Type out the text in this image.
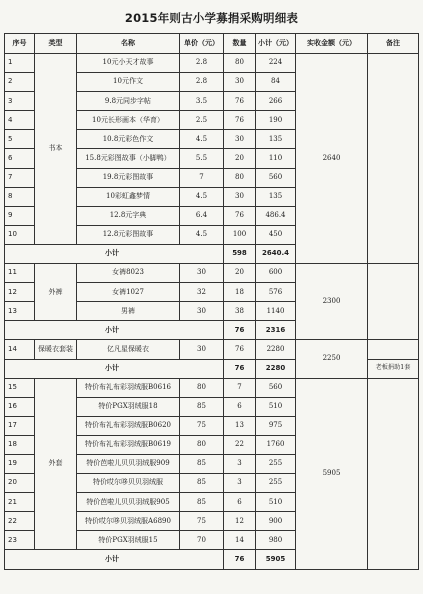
2015年则古小学募捐采购明细表
序号	类型	名称	单价（元）	数量	小计（元）	实收金额（元）	备注
1	书本	10元小天才故事	2.8	80	224	2640	
2		10元作文	2.8	30	84		
3		9.8元同步字帖	3.5	76	266		
4		10元长形画本（华育）	2.5	76	190		
5		10.8元彩色作文	4.5	30	135		
6		15.8元彩图故事（小脚鸭）	5.5	20	110		
7		19.8元彩图故事	7	80	560		
8		10彩虹鑫梦情	4.5	30	135		
9		12.8元字典	6.4	76	486.4		
10		12.8元彩图故事	4.5	100	450		
小计				598	2640.4		
11	外裤	女裤8023	30	20	600	2300	
12		女裤1027	32	18	576		
13		男裤	30	38	1140		
小计				76	2316		
14	保暖衣套装	亿凡星保暖衣	30	76	2280	2250	
小计				76	2280		老板捐助1套
15	外套	特价布礼布彩羽绒服B0616	80	7	560	5905	
16		特价PGX羽绒服18	85	6	510		
17		特价布礼布彩羽绒服B0620	75	13	975		
18		特价布礼布彩羽绒服B0619	80	22	1760		
19		特价芭啦儿贝贝羽绒服909	85	3	255		
20		特价哎尔哆贝贝羽绒服	85	3	255		
21		特价芭啦儿贝贝羽绒服905	85	6	510		
22		特价哎尔哆贝羽绒服A6890	75	12	900		
23		特价PGX羽绒服15	70	14	980		
小计				76	5905		
